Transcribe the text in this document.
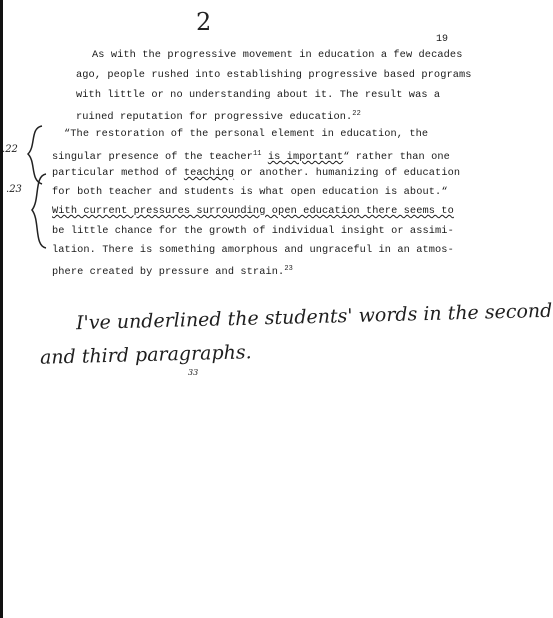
2
19
As with the progressive movement in education a few decades
ago, people rushed into establishing progressive based programs
with little or no understanding about it. The result was a
ruined reputation for progressive education.$^{22}$
.22
.23
“The restoration of the personal element in education, the
singular presence of the teacher$^{11}$ is important“ rather than one
particular method of teaching or another. humanizing of education
for both teacher and students is what open education is about.“
With current pressures surrounding open education there seems to
be little chance for the growth of individual insight or assimi-
lation. There is something amorphous and ungraceful in an atmos-
phere created by pressure and strain.$^{23}$
I've underlined the students' words in the second
and third paragraphs.
33
